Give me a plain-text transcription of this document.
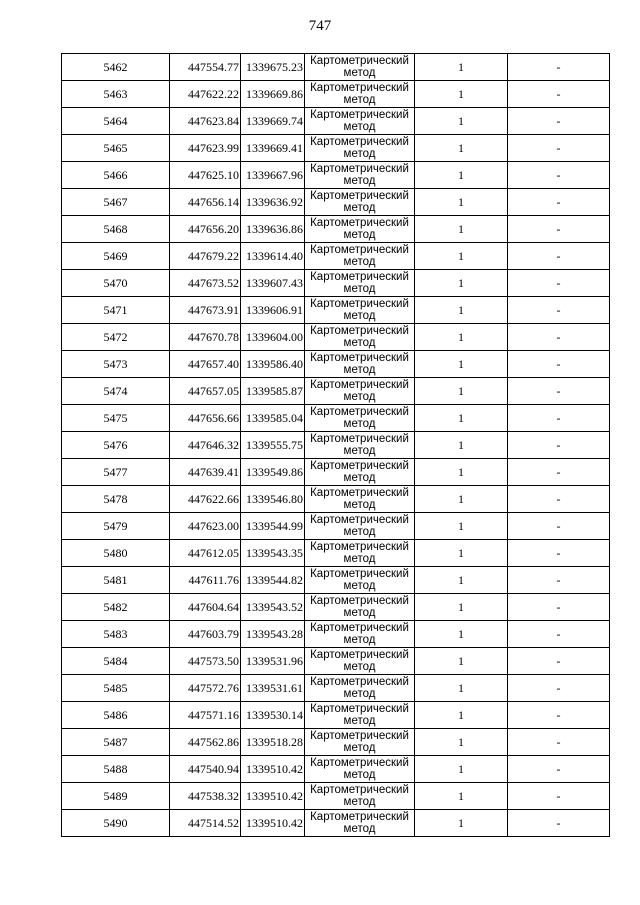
747
5462	447554.77	1339675.23	Картометрический
метод	1	-
5463	447622.22	1339669.86	Картометрический
метод	1	-
5464	447623.84	1339669.74	Картометрический
метод	1	-
5465	447623.99	1339669.41	Картометрический
метод	1	-
5466	447625.10	1339667.96	Картометрический
метод	1	-
5467	447656.14	1339636.92	Картометрический
метод	1	-
5468	447656.20	1339636.86	Картометрический
метод	1	-
5469	447679.22	1339614.40	Картометрический
метод	1	-
5470	447673.52	1339607.43	Картометрический
метод	1	-
5471	447673.91	1339606.91	Картометрический
метод	1	-
5472	447670.78	1339604.00	Картометрический
метод	1	-
5473	447657.40	1339586.40	Картометрический
метод	1	-
5474	447657.05	1339585.87	Картометрический
метод	1	-
5475	447656.66	1339585.04	Картометрический
метод	1	-
5476	447646.32	1339555.75	Картометрический
метод	1	-
5477	447639.41	1339549.86	Картометрический
метод	1	-
5478	447622.66	1339546.80	Картометрический
метод	1	-
5479	447623.00	1339544.99	Картометрический
метод	1	-
5480	447612.05	1339543.35	Картометрический
метод	1	-
5481	447611.76	1339544.82	Картометрический
метод	1	-
5482	447604.64	1339543.52	Картометрический
метод	1	-
5483	447603.79	1339543.28	Картометрический
метод	1	-
5484	447573.50	1339531.96	Картометрический
метод	1	-
5485	447572.76	1339531.61	Картометрический
метод	1	-
5486	447571.16	1339530.14	Картометрический
метод	1	-
5487	447562.86	1339518.28	Картометрический
метод	1	-
5488	447540.94	1339510.42	Картометрический
метод	1	-
5489	447538.32	1339510.42	Картометрический
метод	1	-
5490	447514.52	1339510.42	Картометрический
метод	1	-
